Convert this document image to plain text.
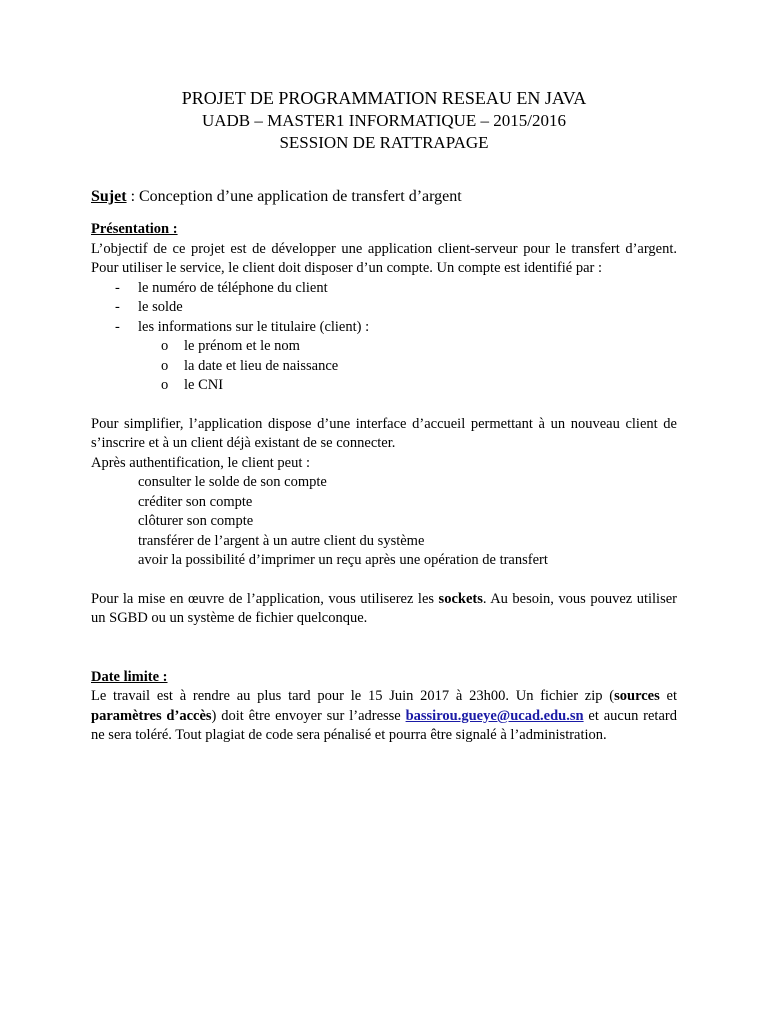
PROJET DE PROGRAMMATION RESEAU EN JAVA
UADB – MASTER1 INFORMATIQUE – 2015/2016
SESSION DE RATTRAPAGE
Sujet : Conception d’une application de transfert d’argent
Présentation :
L’objectif de ce projet est de développer une application client-serveur pour le transfert d’argent. Pour utiliser le service, le client doit disposer d’un compte. Un compte est identifié par :
- le numéro de téléphone du client
- le solde
- les informations sur le titulaire (client) :
o le prénom et le nom
o la date et lieu de naissance
o le CNI
Pour simplifier, l’application dispose d’une interface d’accueil permettant à un nouveau client de s’inscrire et à un client déjà existant de se connecter.
Après authentification, le client peut :
consulter le solde de son compte
créditer son compte
clôturer son compte
transférer de l’argent à un autre client du système
avoir la possibilité d’imprimer un reçu après une opération de transfert
Pour la mise en œuvre de l’application, vous utiliserez les sockets. Au besoin, vous pouvez utiliser un SGBD ou un système de fichier quelconque.
Date limite :
Le travail est à rendre au plus tard pour le 15 Juin 2017 à 23h00. Un fichier zip (sources et paramètres d’accès) doit être envoyer sur l’adresse bassirou.gueye@ucad.edu.sn et aucun retard ne sera toléré. Tout plagiat de code sera pénalisé et pourra être signalé à l’administration.
